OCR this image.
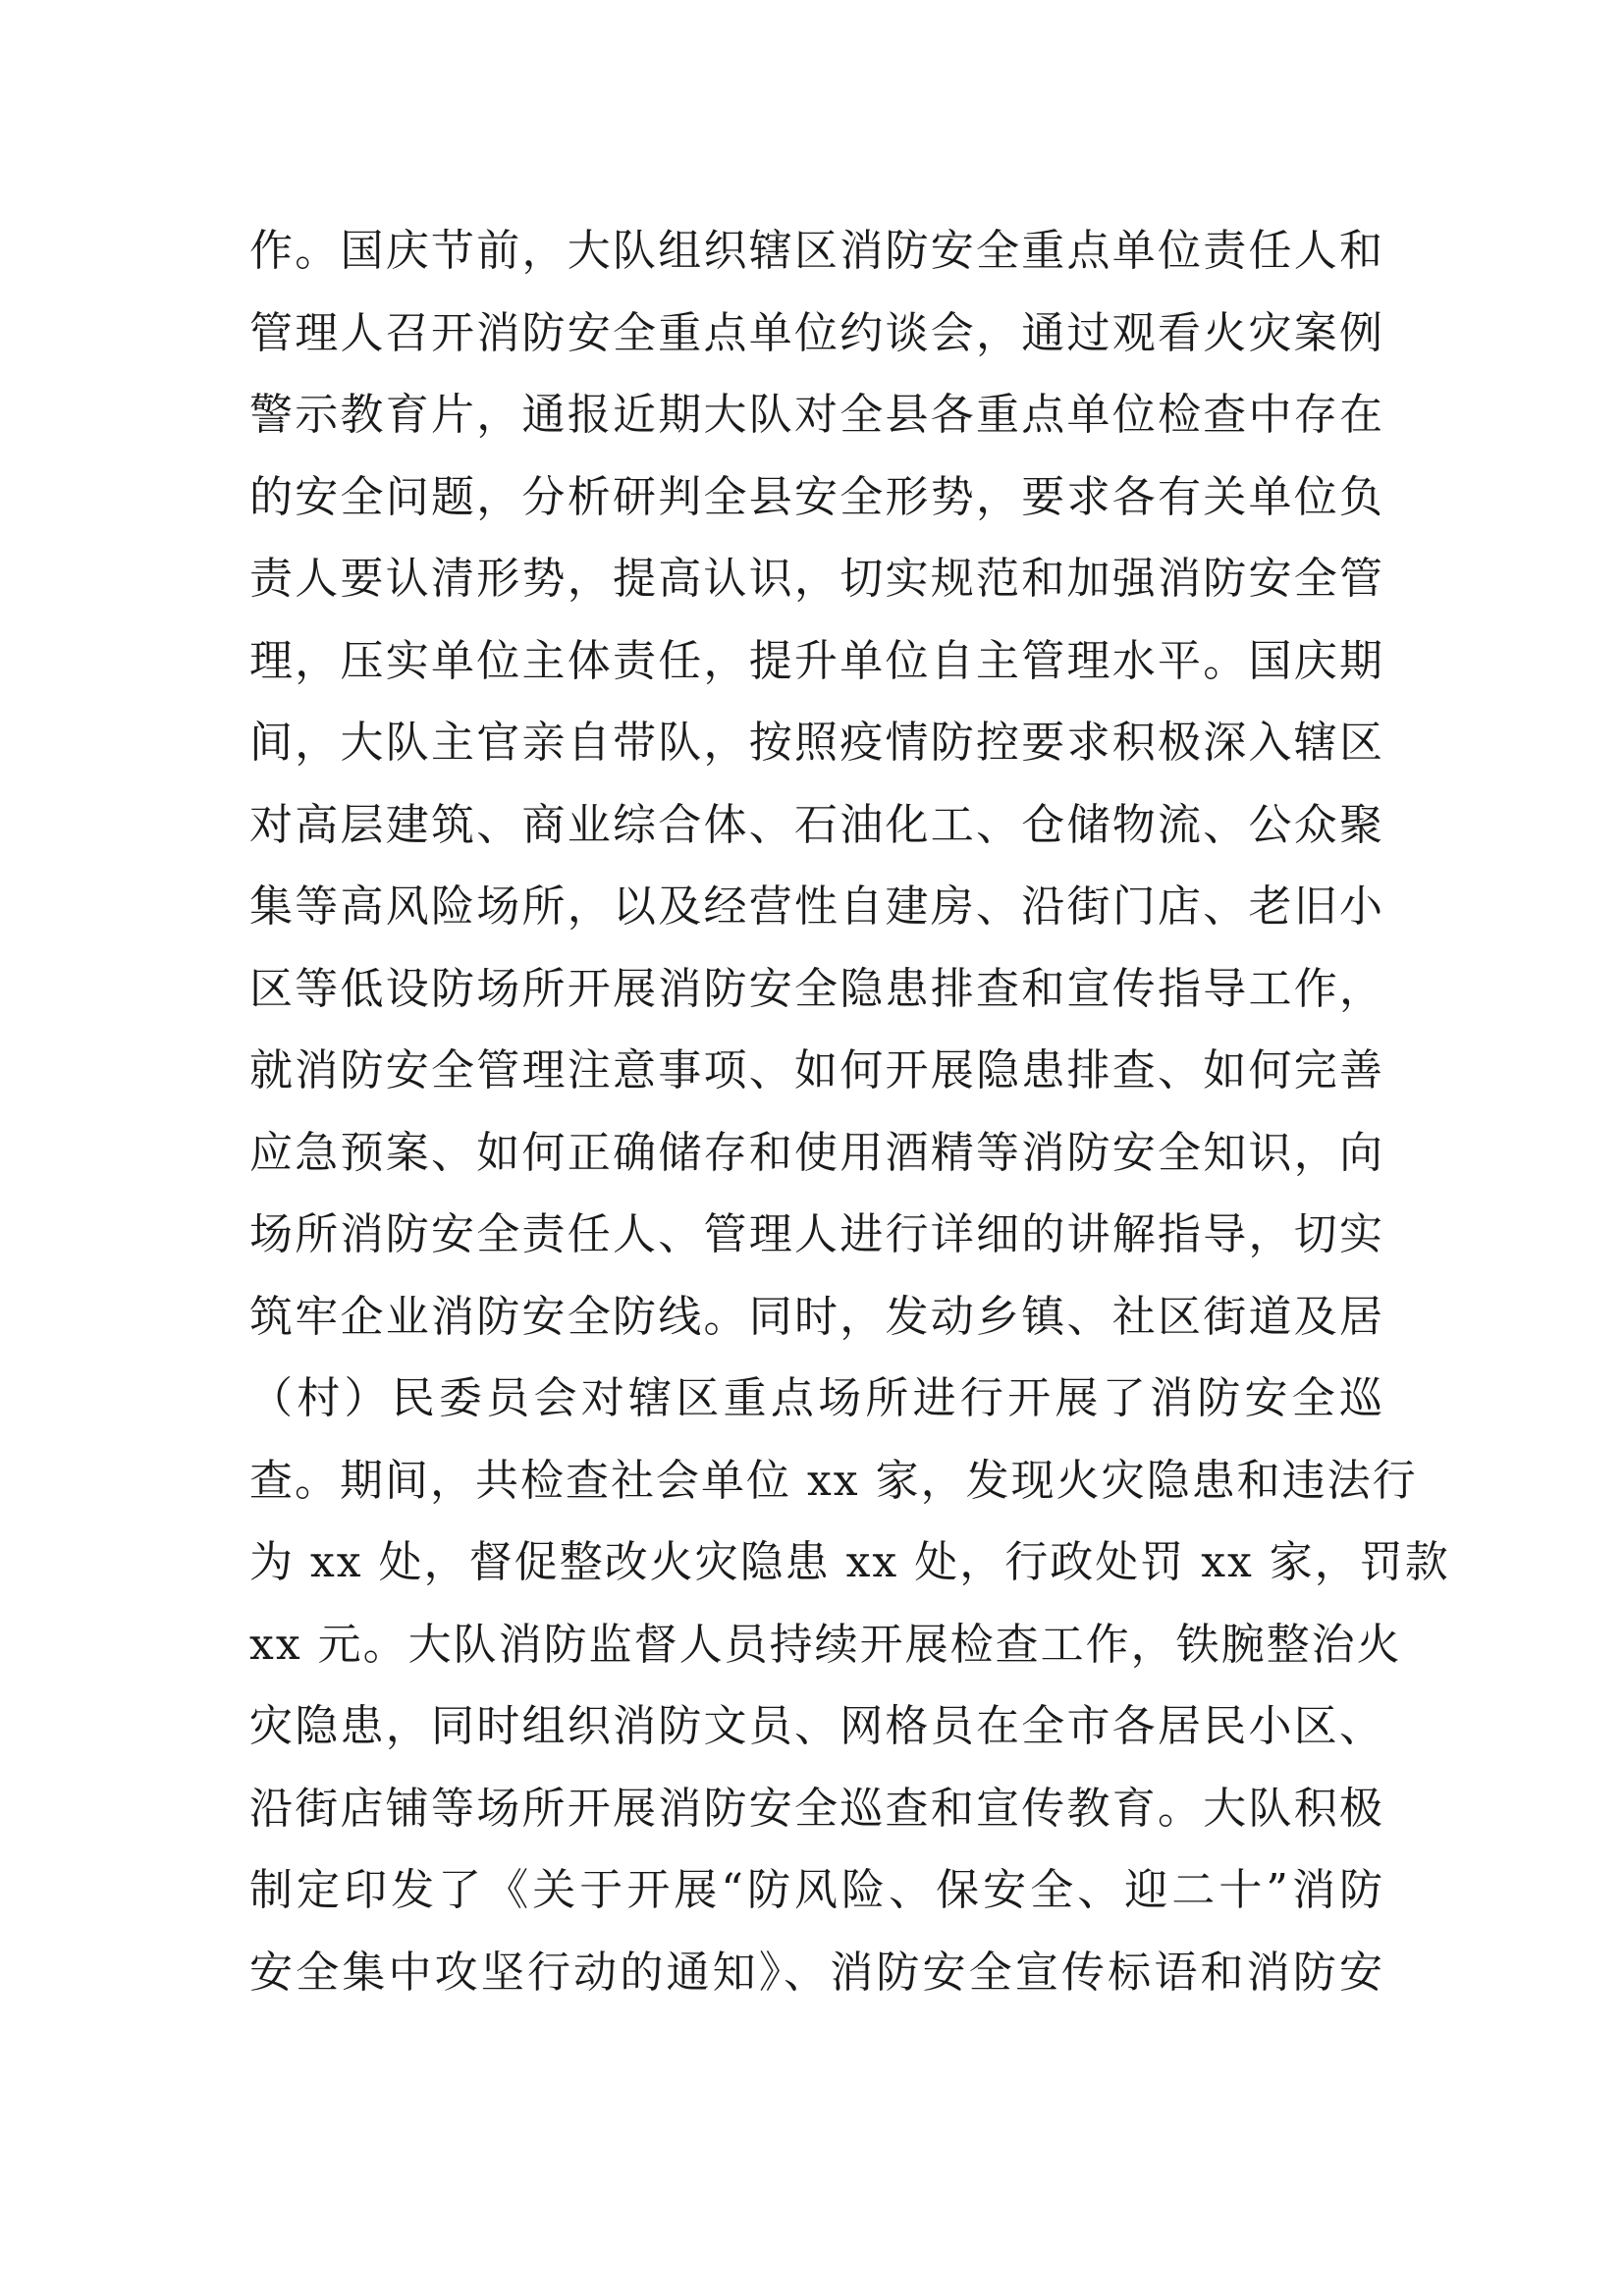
作。国庆节前，大队组织辖区消防安全重点单位责任人和
管理人召开消防安全重点单位约谈会，通过观看火灾案例
警示教育片，通报近期大队对全县各重点单位检查中存在
的安全问题，分析研判全县安全形势，要求各有关单位负
责人要认清形势，提高认识，切实规范和加强消防安全管
理，压实单位主体责任，提升单位自主管理水平。国庆期
间，大队主官亲自带队，按照疫情防控要求积极深入辖区
对高层建筑、商业综合体、石油化工、仓储物流、公众聚
集等高风险场所，以及经营性自建房、沿街门店、老旧小
区等低设防场所开展消防安全隐患排查和宣传指导工作，
就消防安全管理注意事项、如何开展隐患排查、如何完善
应急预案、如何正确储存和使用酒精等消防安全知识，向
场所消防安全责任人、管理人进行详细的讲解指导，切实
筑牢企业消防安全防线。同时，发动乡镇、社区街道及居
（村）民委员会对辖区重点场所进行开展了消防安全巡
查。期间，共检查社会单位 xx 家，发现火灾隐患和违法行
为 xx 处，督促整改火灾隐患 xx 处，行政处罚 xx 家，罚款
xx 元。大队消防监督人员持续开展检查工作，铁腕整治火
灾隐患，同时组织消防文员、网格员在全市各居民小区、
沿街店铺等场所开展消防安全巡查和宣传教育。大队积极
制定印发了《关于开展“防风险、保安全、迎二十”消防
安全集中攻坚行动的通知》、消防安全宣传标语和消防安
